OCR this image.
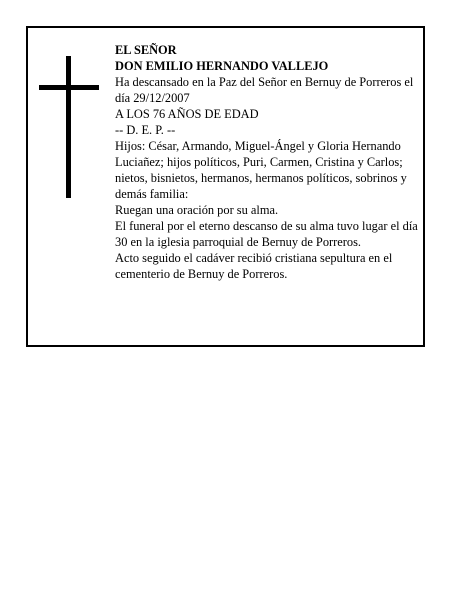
EL SEÑOR

DON EMILIO HERNANDO VALLEJO

Ha descansado en la Paz del Señor en Bernuy de Porreros el día 29/12/2007

A LOS 76 AÑOS DE EDAD

-- D. E. P. --

Hijos: César, Armando, Miguel-Ángel y Gloria Hernando Luciañez; hijos políticos, Puri, Carmen, Cristina y Carlos; nietos, bisnietos, hermanos, hermanos políticos, sobrinos y demás familia:

Ruegan una oración por su alma.

El funeral por el eterno descanso de su alma tuvo lugar el día 30 en la iglesia parroquial de Bernuy de Porreros.

Acto seguido el cadáver recibió cristiana sepultura en el cementerio de Bernuy de Porreros.
